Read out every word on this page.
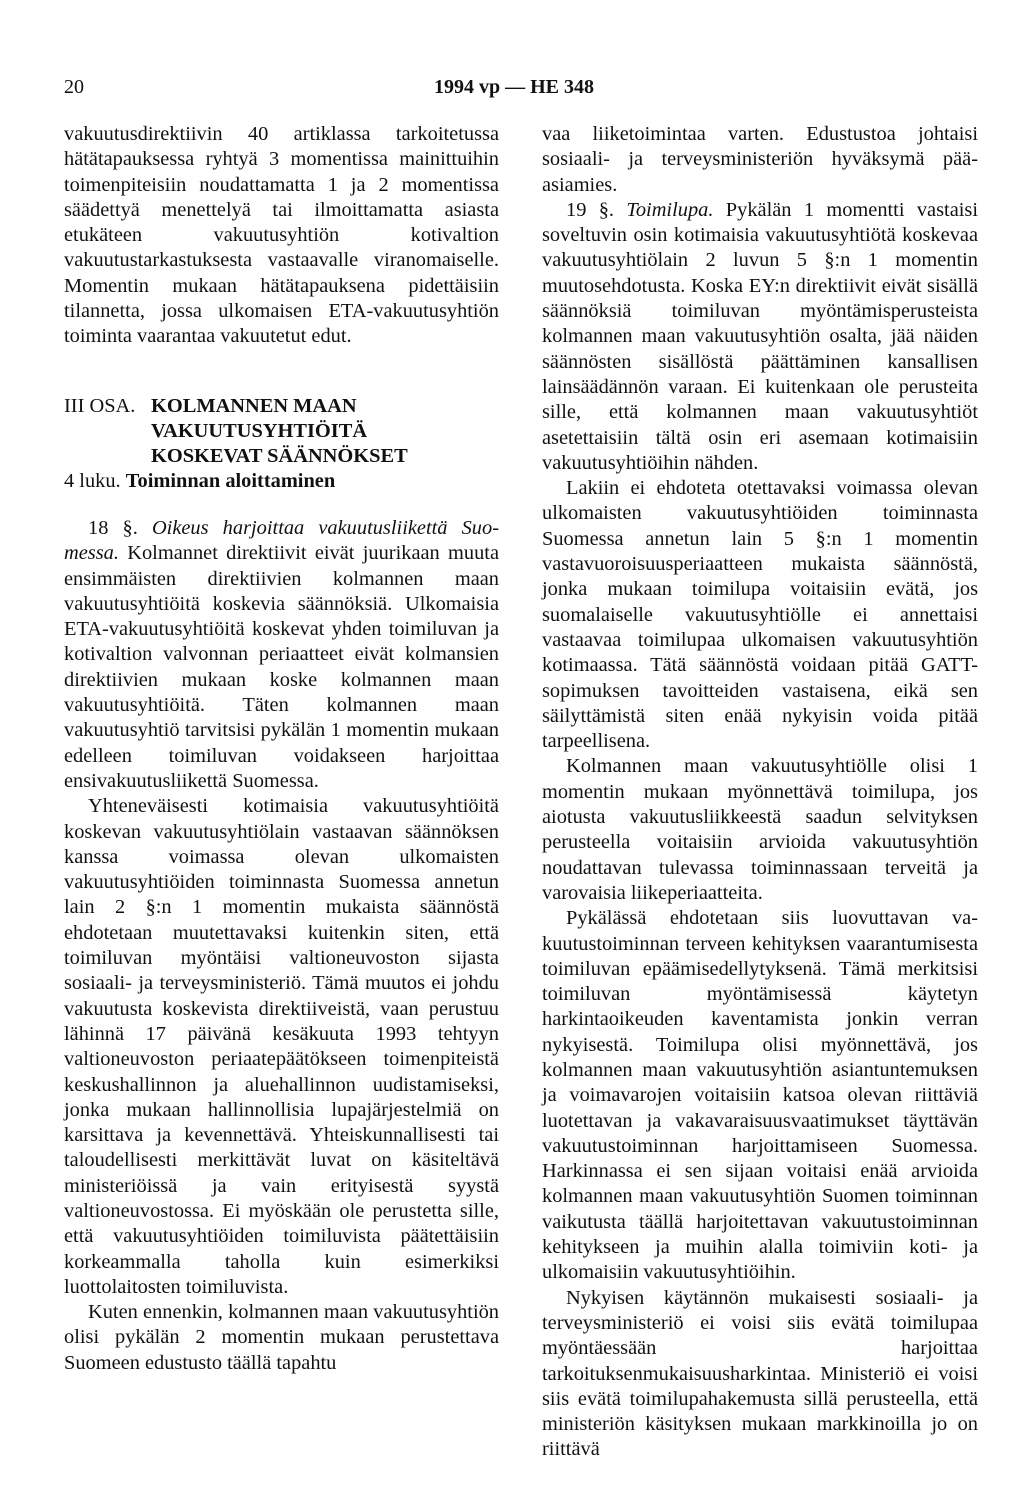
20	1994 vp — HE 348

vakuutusdirektiivin 40 artiklassa tarkoitetussa hätätapauksessa ryhtyä 3 momentissa mainittuihin toimenpiteisiin noudattamatta 1 ja 2 momentissa säädettyä menettelyä tai ilmoittamatta asiasta etukäteen vakuutusyhtiön kotivaltion vakuutustarkastuksesta vastaavalle viranomaiselle. Momentin mukaan hätätapauksena pidettäisiin tilannetta, jossa ulkomaisen ETA-vakuutusyhtiön toiminta vaarantaa vakuutetut edut.

III OSA. KOLMANNEN MAAN
VAKUUTUSYHTIÖITÄ
KOSKEVAT SÄÄNNÖKSET

4 luku. Toiminnan aloittaminen

18 §. Oikeus harjoittaa vakuutusliikettä Suomessa. Kolmannet direktiivit eivät juurikaan muuta ensimmäisten direktiivien kolmannen maan vakuutusyhtiöitä koskevia säännöksiä. Ulkomaisia ETA-vakuutusyhtiöitä koskevat yhden toimiluvan ja kotivaltion valvonnan periaatteet eivät kolmansien direktiivien mukaan koske kolmannen maan vakuutusyhtiöitä. Täten kolmannen maan vakuutusyhtiö tarvitsisi pykälän 1 momentin mukaan edelleen toimiluvan voidakseen harjoittaa ensivakuutusliikettä Suomessa.

Yhteneväisesti kotimaisia vakuutusyhtiöitä koskevan vakuutusyhtiölain vastaavan säännöksen kanssa voimassa olevan ulkomaisten vakuutusyhtiöiden toiminnasta Suomessa annetun lain 2 §:n 1 momentin mukaista säännöstä ehdotetaan muutettavaksi kuitenkin siten, että toimiluvan myöntäisi valtioneuvoston sijasta sosiaali- ja terveysministeriö. Tämä muutos ei johdu vakuutusta koskevista direktiiveistä, vaan perustuu lähinnä 17 päivänä kesäkuuta 1993 tehtyyn valtioneuvoston periaatepäätökseen toimenpiteistä keskushallinnon ja aluehallinnon uudistamiseksi, jonka mukaan hallinnollisia lupajärjestelmiä on karsittava ja kevennettävä. Yhteiskunnallisesti tai taloudellisesti merkittävät luvat on käsiteltävä ministeriöissä ja vain erityisestä syystä valtioneuvostossa. Ei myöskään ole perustetta sille, että vakuutusyhtiöiden toimiluvista päätettäisiin korkeammalla taholla kuin esimerkiksi luottolaitosten toimiluvista.

Kuten ennenkin, kolmannen maan vakuutusyhtiön olisi pykälän 2 momentin mukaan perustettava Suomeen edustusto täällä tapahtu

vaa liiketoimintaa varten. Edustustoa johtaisi sosiaali- ja terveysministeriön hyväksymä pääasiamies.

19 §. Toimilupa. Pykälän 1 momentti vastaisi soveltuvin osin kotimaisia vakuutusyhtiötä koskevaa vakuutusyhtiölain 2 luvun 5 §:n 1 momentin muutosehdotusta. Koska EY:n direktiivit eivät sisällä säännöksiä toimiluvan myöntämisperusteista kolmannen maan vakuutusyhtiön osalta, jää näiden säännösten sisällöstä päättäminen kansallisen lainsäädännön varaan. Ei kuitenkaan ole perusteita sille, että kolmannen maan vakuutusyhtiöt asetettaisiin tältä osin eri asemaan kotimaisiin vakuutusyhtiöihin nähden.

Lakiin ei ehdoteta otettavaksi voimassa olevan ulkomaisten vakuutusyhtiöiden toiminnasta Suomessa annetun lain 5 §:n 1 momentin vastavuoroisuusperiaatteen mukaista säännöstä, jonka mukaan toimilupa voitaisiin evätä, jos suomalaiselle vakuutusyhtiölle ei annettaisi vastaavaa toimilupaa ulkomaisen vakuutusyhtiön kotimaassa. Tätä säännöstä voidaan pitää GATT-sopimuksen tavoitteiden vastaisena, eikä sen säilyttämistä siten enää nykyisin voida pitää tarpeellisena.

Kolmannen maan vakuutusyhtiölle olisi 1 momentin mukaan myönnettävä toimilupa, jos aiotusta vakuutusliikkeestä saadun selvityksen perusteella voitaisiin arvioida vakuutusyhtiön noudattavan tulevassa toiminnassaan terveitä ja varovaisia liikeperiaatteita.

Pykälässä ehdotetaan siis luovuttavan vakuutustoiminnan terveen kehityksen vaarantumisesta toimiluvan epäämisedellytyksenä. Tämä merkitsisi toimiluvan myöntämisessä käytetyn harkintaoikeuden kaventamista jonkin verran nykyisestä. Toimilupa olisi myönnettävä, jos kolmannen maan vakuutusyhtiön asiantuntemuksen ja voimavarojen voitaisiin katsoa olevan riittäviä luotettavan ja vakavaraisuusvaatimukset täyttävän vakuutustoiminnan harjoittamiseen Suomessa. Harkinnassa ei sen sijaan voitaisi enää arvioida kolmannen maan vakuutusyhtiön Suomen toiminnan vaikutusta täällä harjoitettavan vakuutustoiminnan kehitykseen ja muihin alalla toimiviin koti- ja ulkomaisiin vakuutusyhtiöihin.

Nykyisen käytännön mukaisesti sosiaali- ja terveysministeriö ei voisi siis evätä toimilupaa myöntäessään harjoittaa tarkoituksenmukaisuusharkintaa. Ministeriö ei voisi siis evätä toimilupahakemusta sillä perusteella, että ministeriön käsityksen mukaan markkinoilla jo on riittävä
